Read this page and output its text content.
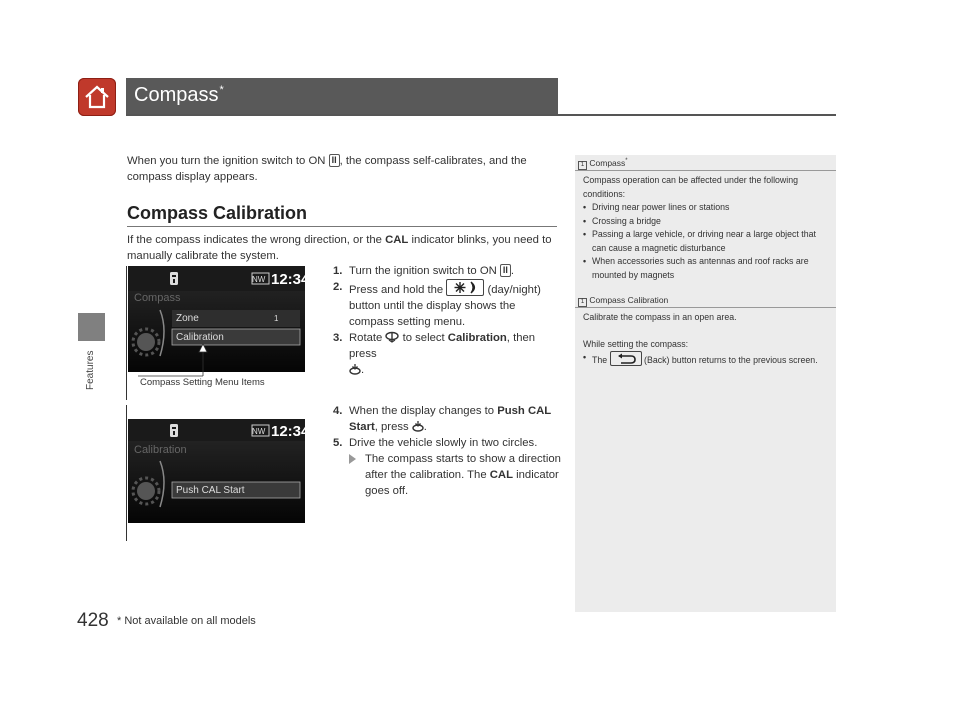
Compass*
Features
When you turn the ignition switch to ON II , the compass self-calibrates, and the compass display appears.
Compass Calibration
If the compass indicates the wrong direction, or the CAL indicator blinks, you need to manually calibrate the system.
NW 12:34
Compass
Zone	1
Calibration
Compass Setting Menu Items
1. Turn the ignition switch to ON II .
2. Press and hold the	(day/night) button until the display shows the compass setting menu.
3. Rotate  to select Calibration, then press
.
NW 12:34
Calibration
Push CAL Start
4. When the display changes to Push CAL Start, press .
5. Drive the vehicle slowly in two circles.
The compass starts to show a direction after the calibration. The CAL indicator goes off.
1 Compass*
Compass operation can be affected under the following conditions:
• Driving near power lines or stations
• Crossing a bridge
• Passing a large vehicle, or driving near a large object that can cause a magnetic disturbance
• When accessories such as antennas and roof racks are mounted by magnets
1 Compass Calibration
Calibrate the compass in an open area.
While setting the compass:
• The	(Back) button returns to the previous screen.
428 * Not available on all models
